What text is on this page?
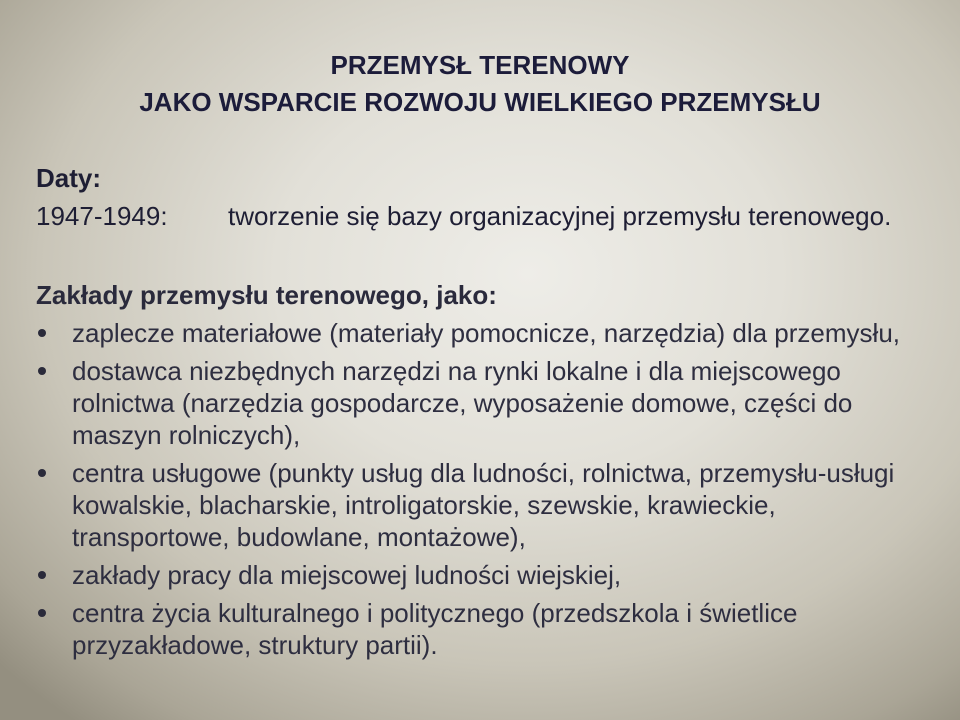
PRZEMYSŁ TERENOWY
JAKO WSPARCIE ROZWOJU WIELKIEGO PRZEMYSŁU
Daty:
1947-1949: tworzenie się bazy organizacyjnej przemysłu terenowego.
Zakłady przemysłu terenowego, jako:
zaplecze materiałowe (materiały pomocnicze, narzędzia) dla przemysłu,
dostawca niezbędnych narzędzi na rynki lokalne i dla miejscowego
rolnictwa (narzędzia gospodarcze, wyposażenie domowe, części do
maszyn rolniczych),
centra usługowe (punkty usług dla ludności, rolnictwa, przemysłu-usługi
kowalskie, blacharskie, introligatorskie, szewskie, krawieckie,
transportowe, budowlane, montażowe),
zakłady pracy dla miejscowej ludności wiejskiej,
centra życia kulturalnego i politycznego (przedszkola i świetlice
przyzakładowe, struktury partii).
